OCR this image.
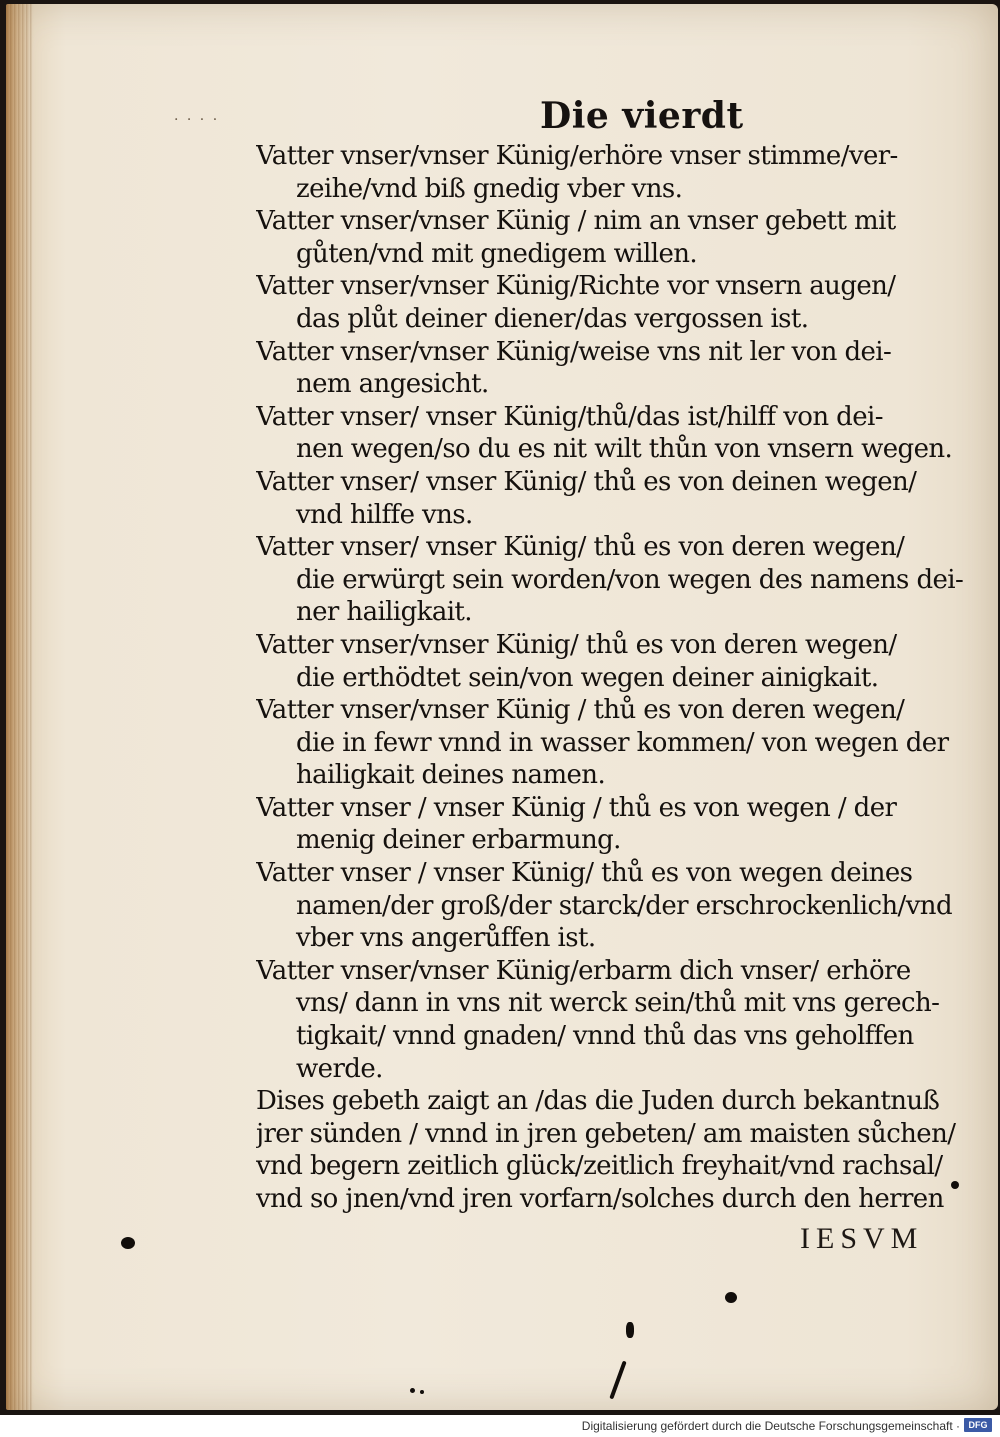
· · · ·	Die vierdt
Vatter vnser/vnser Künig/erhöre vnser stimme/ver-
zeihe/vnd biß gnedig vber vns.
Vatter vnser/vnser Künig / nim an vnser gebett mit
gůten/vnd mit gnedigem willen.
Vatter vnser/vnser Künig/Richte vor vnsern augen/
das plůt deiner diener/das vergossen ist.
Vatter vnser/vnser Künig/weise vns nit ler von dei-
nem angesicht.
Vatter vnser/ vnser Künig/thů/das ist/hilff von dei-
nen wegen/so du es nit wilt thůn von vnsern wegen.
Vatter vnser/ vnser Künig/ thů es von deinen wegen/
vnd hilffe vns.
Vatter vnser/ vnser Künig/ thů es von deren wegen/
die erwürgt sein worden/von wegen des namens dei-
ner hailigkait.
Vatter vnser/vnser Künig/ thů es von deren wegen/
die erthödtet sein/von wegen deiner ainigkait.
Vatter vnser/vnser Künig / thů es von deren wegen/
die in fewr vnnd in wasser kommen/ von wegen der
hailigkait deines namen.
Vatter vnser / vnser Künig / thů es von wegen / der
menig deiner erbarmung.
Vatter vnser / vnser Künig/ thů es von wegen deines
namen/der groß/der starck/der erschrockenlich/vnd
vber vns angerůffen ist.
Vatter vnser/vnser Künig/erbarm dich vnser/ erhöre
vns/ dann in vns nit werck sein/thů mit vns gerech-
tigkait/ vnnd gnaden/ vnnd thů das vns geholffen
werde.
Dises gebeth zaigt an /das die Juden durch bekantnuß
jrer sünden / vnnd in jren gebeten/ am maisten sůchen/
vnd begern zeitlich glück/zeitlich freyhait/vnd rachsal/
vnd so jnen/vnd jren vorfarn/solches durch den herren
IESVM
Digitalisierung gefördert durch die Deutsche Forschungsgemeinschaft · DFG
